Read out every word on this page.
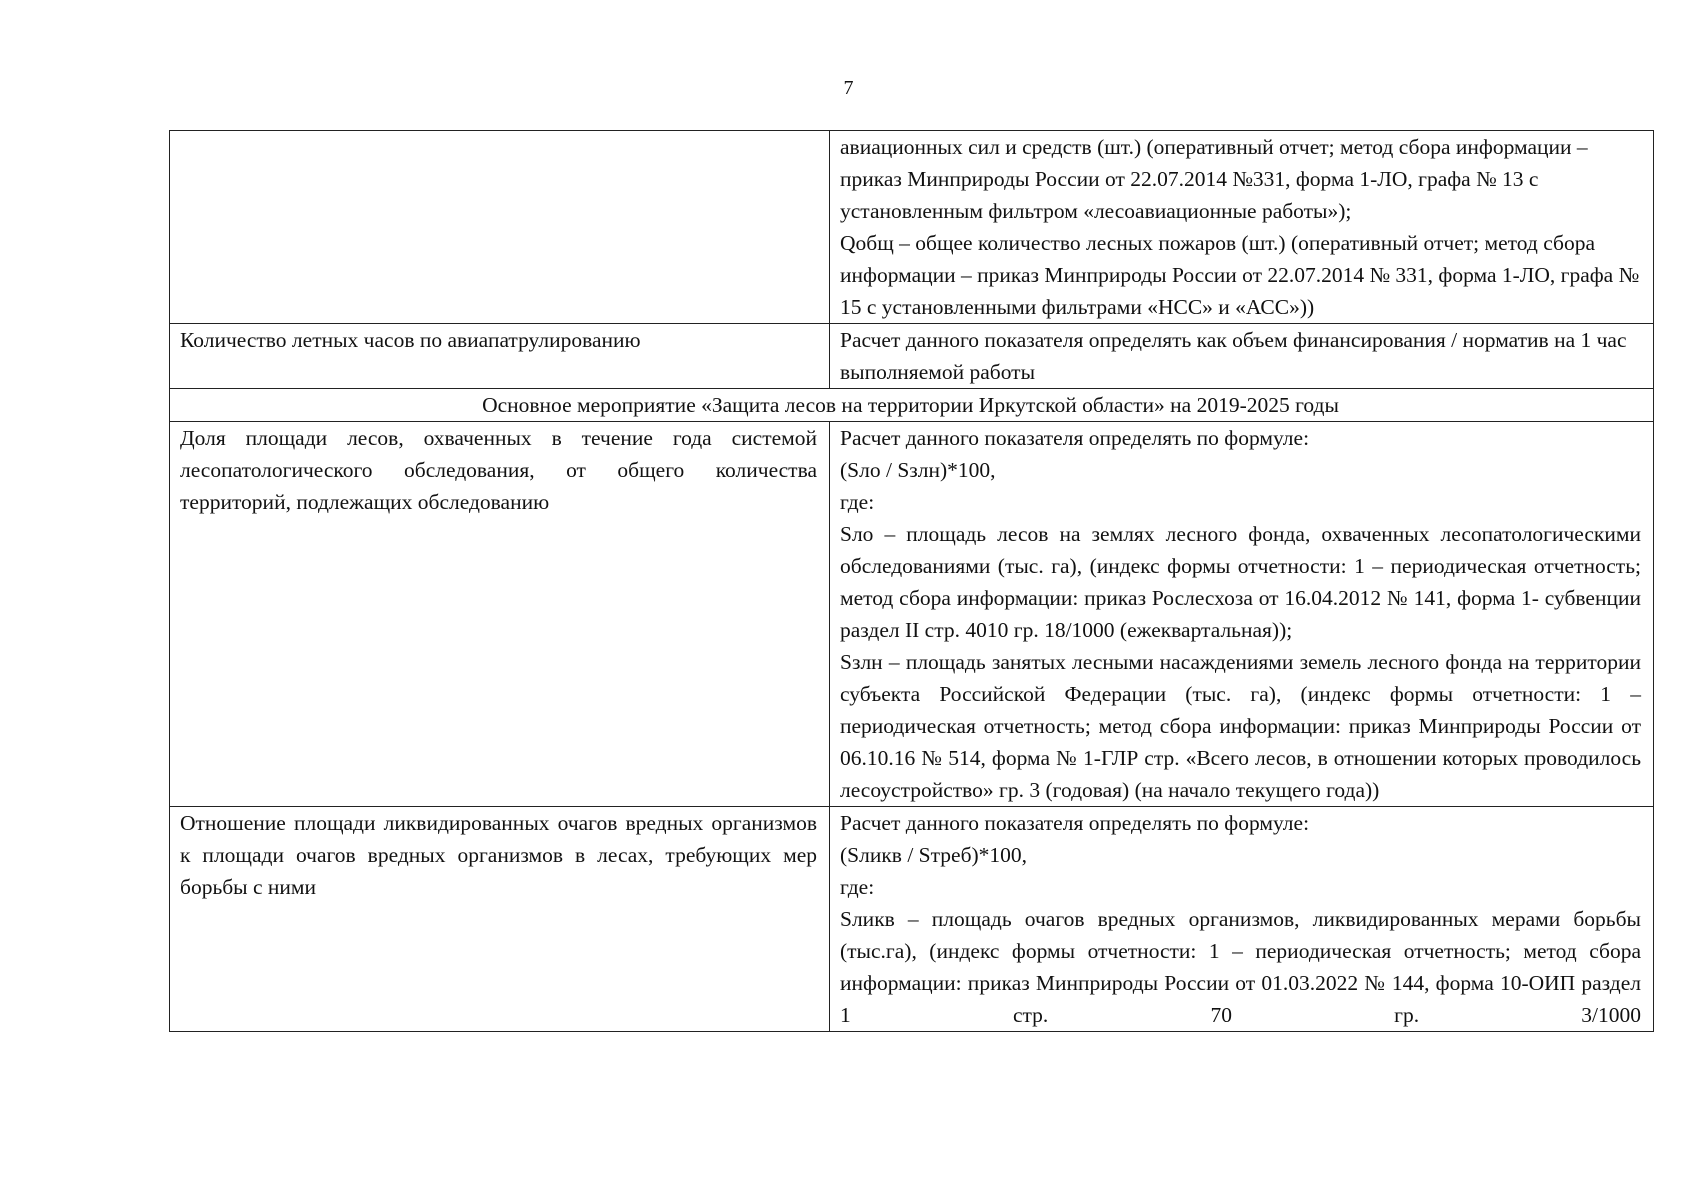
7

	авиационных сил и средств (шт.) (оперативный отчет; метод сбора информации – приказ Минприроды России от 22.07.2014 №331, форма 1-ЛО, графа № 13 с установленным фильтром «лесоавиационные работы»);

Qобщ – общее количество лесных пожаров (шт.) (оперативный отчет; метод сбора информации – приказ Минприроды России от 22.07.2014 № 331, форма 1-ЛО, графа № 15 с установленными фильтрами «НСС» и «АСС»))

Количество летных часов по авиапатрулированию	Расчет данного показателя определять как объем финансирования / норматив на 1 час выполняемой работы

Основное мероприятие «Защита лесов на территории Иркутской области» на 2019-2025 годы	
Доля площади лесов, охваченных в течение года системой лесопатологического обследования, от общего количества территорий, подлежащих обследованию	Расчет данного показателя определять по формуле:

(Sло / Sзлн)*100,

где:

Sло – площадь лесов на землях лесного фонда, охваченных лесопатологическими обследованиями (тыс. га), (индекс формы отчетности: 1 – периодическая отчетность; метод сбора информации: приказ Рослесхоза от 16.04.2012 № 141, форма 1- субвенции раздел II стр. 4010 гр. 18/1000 (ежеквартальная));

Sзлн – площадь занятых лесными насаждениями земель лесного фонда на территории субъекта Российской Федерации (тыс. га), (индекс формы отчетности: 1 – периодическая отчетность; метод сбора информации: приказ Минприроды России от 06.10.16 № 514, форма № 1-ГЛР стр. «Всего лесов, в отношении которых проводилось лесоустройство» гр. 3 (годовая) (на начало текущего года))

Отношение площади ликвидированных очагов вредных организмов к площади очагов вредных организмов в лесах, требующих мер борьбы с ними	Расчет данного показателя определять по формуле:

(Sликв / Sтреб)*100,

где:

Sликв – площадь очагов вредных организмов, ликвидированных мерами борьбы (тыс.га), (индекс формы отчетности: 1 – периодическая отчетность; метод сбора информации: приказ Минприроды России от 01.03.2022 № 144, форма 10-ОИП раздел 1 стр. 70 гр. 3/1000
